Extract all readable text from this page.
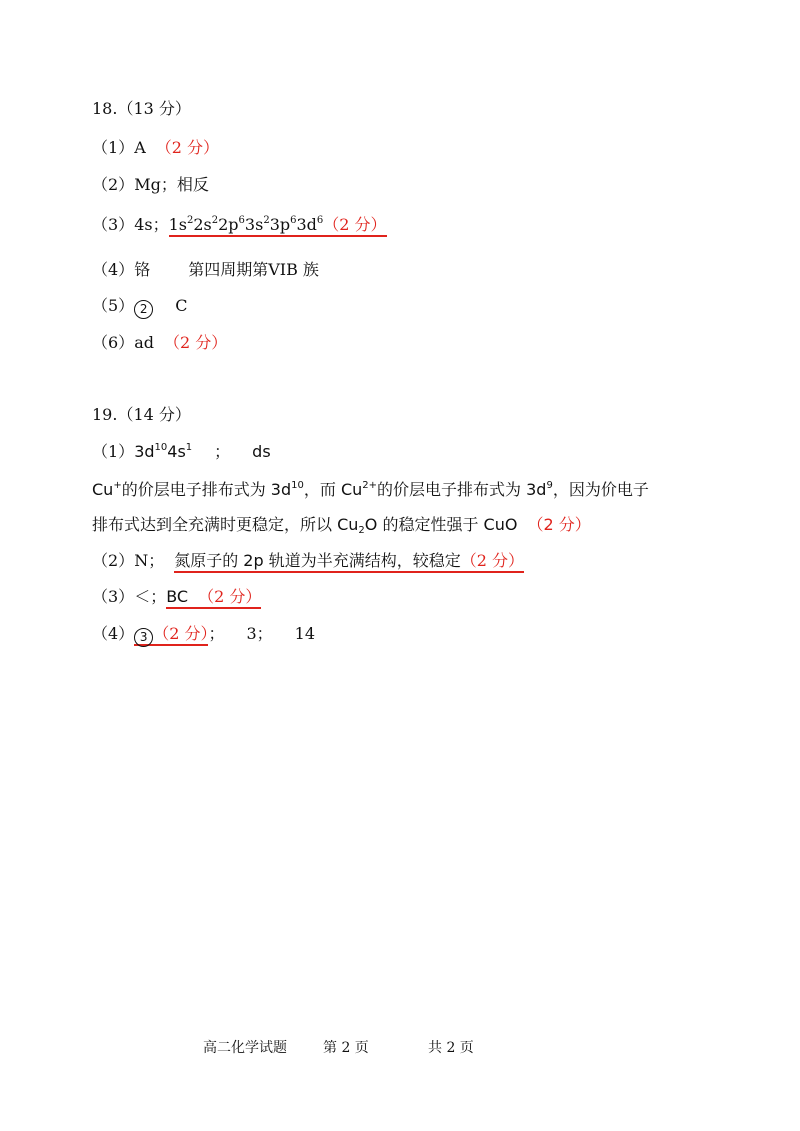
18.（13 分）
（1）A （2 分）
（2）Mg；相反
（3）4s；$1s^22s^22p^63s^23p^63d^6(2$ 分）
（4）铬 第四周期第VIB 族
（5） 2 C
（6）ad （2 分）
19.（14 分）
$(1)3d^{10}4s^1$ ； ds
Cu+的价层电子排布式为 $3d^{10}$，而 $Cu^{2+}$的价层电子排布式为 $3d^9$，因为价电子
排布式达到全充满时更稳定，所以 $Cu_2O$ 的稳定性强于 CuO （2 分）
（2）N； 氮原子的 2p 轨道为半充满结构，较稳定（2 分）
（3）＜；BC （2 分）
（4） 3 （2 分）； 3； 14
高二化学试题	第 2 页	共 2 页
